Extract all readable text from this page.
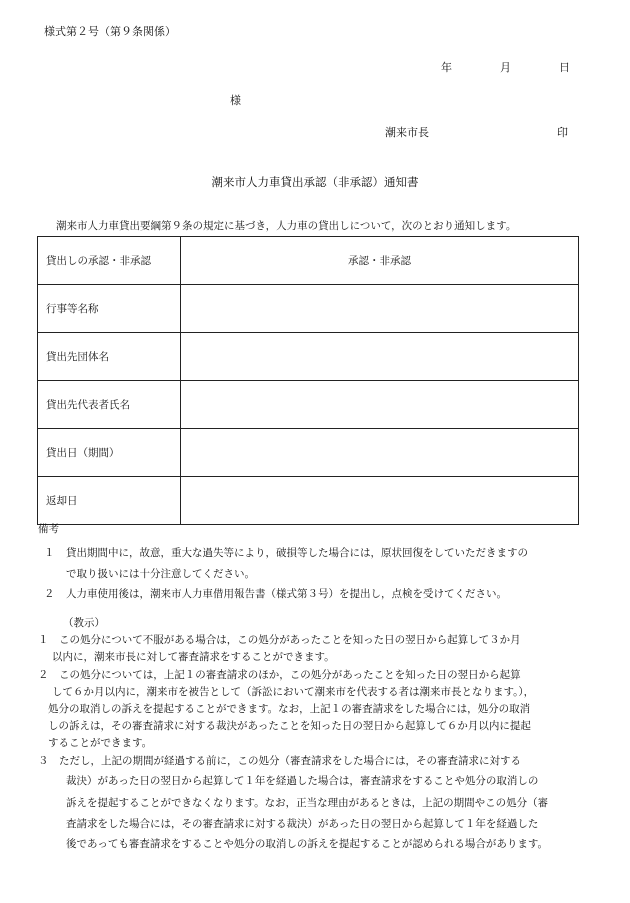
様式第２号（第９条関係）
年	月	日
様
潮来市長	印
潮来市人力車貸出承認（非承認）通知書
潮来市人力車貸出要綱第９条の規定に基づき，人力車の貸出しについて，次のとおり通知します。
貸出しの承認・非承認	承認・非承認
行事等名称	
貸出先団体名	
貸出先代表者氏名	
貸出日（期間）	
返却日	
備考
１ 貸出期間中に，故意，重大な過失等により，破損等した場合には，原状回復をしていただきますの
で取り扱いには十分注意してください。
２ 人力車使用後は，潮来市人力車借用報告書（様式第３号）を提出し，点検を受けてください。
（教示）
１　この処分について不服がある場合は，この処分があったことを知った日の翌日から起算して３か月
以内に，潮来市長に対して審査請求をすることができます。
２　この処分については，上記１の審査請求のほか，この処分があったことを知った日の翌日から起算
して６か月以内に，潮来市を被告として（訴訟において潮来市を代表する者は潮来市長となります。），
処分の取消しの訴えを提起することができます。なお，上記１の審査請求をした場合には，処分の取消
しの訴えは，その審査請求に対する裁決があったことを知った日の翌日から起算して６か月以内に提起
することができます。
３　ただし，上記の期間が経過する前に，この処分（審査請求をした場合には，その審査請求に対する
裁決）があった日の翌日から起算して１年を経過した場合は，審査請求をすることや処分の取消しの
訴えを提起することができなくなります。なお，正当な理由があるときは，上記の期間やこの処分（審
査請求をした場合には，その審査請求に対する裁決）があった日の翌日から起算して１年を経過した
後であっても審査請求をすることや処分の取消しの訴えを提起することが認められる場合があります。
